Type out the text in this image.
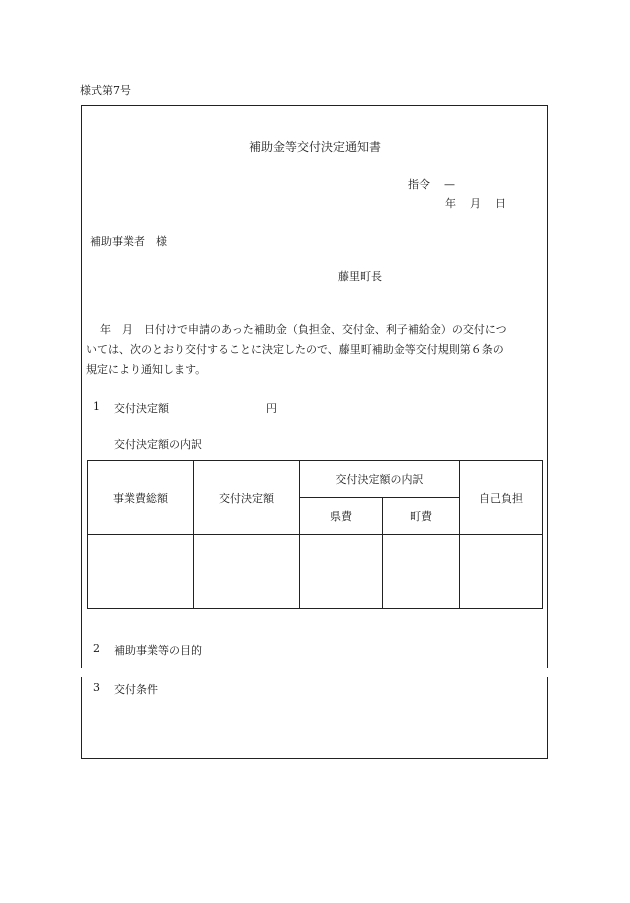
様式第7号
補助金等交付決定通知書
指令 —
年 月 日
補助事業者　様
藤里町長
年　月　日付けで申請のあった補助金（負担金、交付金、利子補給金）の交付につ
いては、次のとおり交付することに決定したので、藤里町補助金等交付規則第６条の
規定により通知します。
1 交付決定額	円
交付決定額の内訳
事業費総額	交付決定額	交付決定額の内訳		自己負担
		県費	町費	

2 補助事業等の目的
3 交付条件
